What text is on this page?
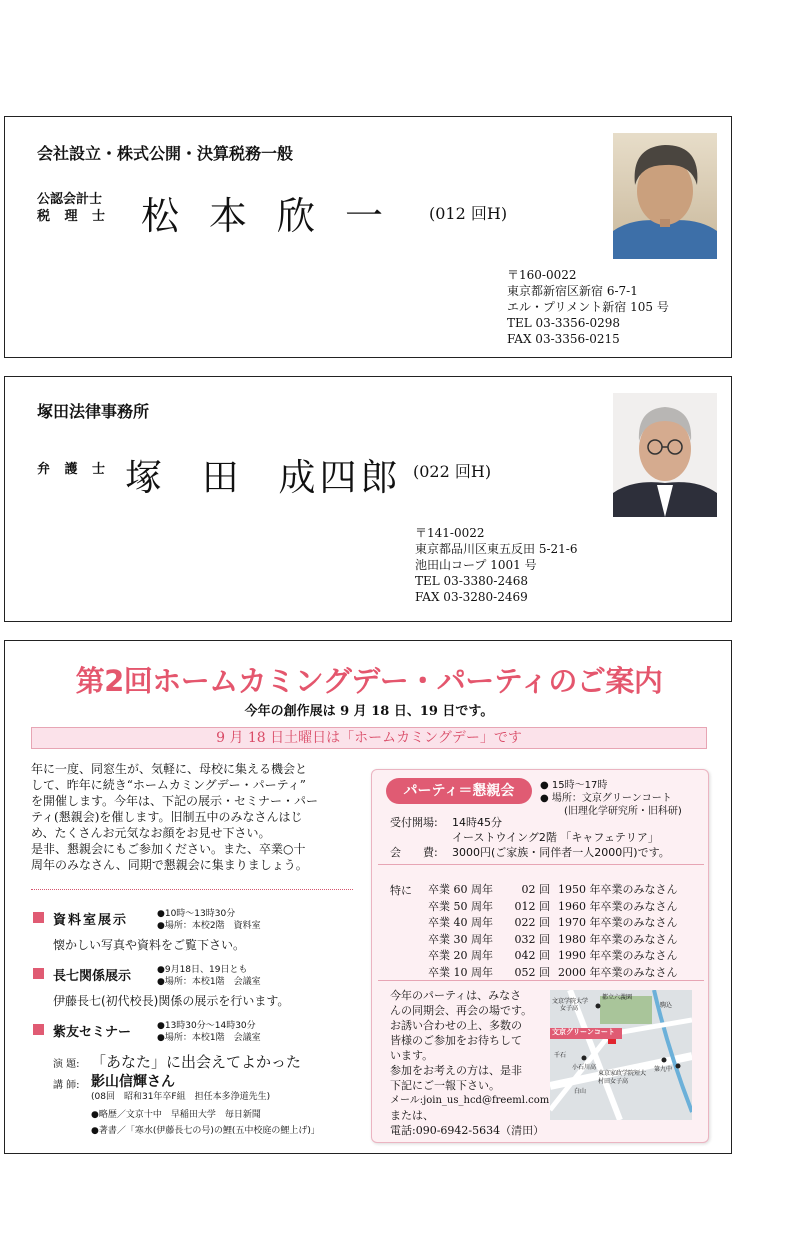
会社設立・株式公開・決算税務一般
公認会計士
税 理 士 松本欣一 (012 回H)
〒160-0022
東京都新宿区新宿 6-7-1
エル・プリメント新宿 105 号
TEL 03-3356-0298
FAX 03-3356-0215
塚田法律事務所
弁 護 士 塚 田 成四郎 (022 回H)
〒141-0022
東京都品川区東五反田 5-21-6
池田山コープ 1001 号
TEL 03-3380-2468
FAX 03-3280-2469
第2回ホームカミングデー・パーティのご案内
今年の創作展は 9 月 18 日、19 日です。
9 月 18 日土曜日は「ホームカミングデー」です
年に一度、同窓生が、気軽に、母校に集える機会と
して、昨年に続き“ホームカミングデー・パーティ”
を開催します。今年は、下記の展示・セミナー・パー
ティ(懇親会)を催します。旧制五中のみなさんはじ
め、たくさんお元気なお顔をお見せ下さい。
是非、懇親会にもご参加ください。また、卒業○十
周年のみなさん、同期で懇親会に集まりましょう。
資料室展示	●10時〜13時30分
●場所：本校2階　資料室
懐かしい写真や資料をご覧下さい。
長七関係展示	●9月18日、19日とも
●場所：本校1階　会議室
伊藤長七(初代校長)関係の展示を行います。
紫友セミナー	●13時30分〜14時30分
●場所：本校1階　会議室
演 題: 「あなた」に出会えてよかった
講 師: 影山信輝さん
(08回　昭和31年卒F組　担任本多浄道先生)
●略歴／文京十中　早稲田大学　毎日新聞
●著書／「寒水(伊藤長七の号)の鯉(五中校庭の鯉上げ)」
パーティ＝懇親会	● 15時〜17時
● 場所：文京グリーンコート
(旧理化学研究所・旧科研)
受付開場: 14時45分
イーストウイング2階 「キャフェテリア」
会　　費: 3000円(ご家族・同伴者一人2000円)です。
特に 卒業 60 周年	02 回	1950 年卒業のみなさん
卒業 50 周年	012 回	1960 年卒業のみなさん
卒業 40 周年	022 回	1970 年卒業のみなさん
卒業 30 周年	032 回	1980 年卒業のみなさん
卒業 20 周年	042 回	1990 年卒業のみなさん
卒業 10 周年	052 回	2000 年卒業のみなさん
今年のパーティは、みなさ
んの同期会、再会の場です。
お誘い合わせの上、多数の
皆様のご参加をお待ちして
います。
参加をお考えの方は、是非
下記にご一報下さい。
メール:join_us_hcd@freeml.com
または、
電話:090-6942-5634（清田）
文京学院大学
女子高
都立六義園
文京グリーンコート
千石
小石川高
東京家政学院短大
村田女子高
駒込
白山
第九中
